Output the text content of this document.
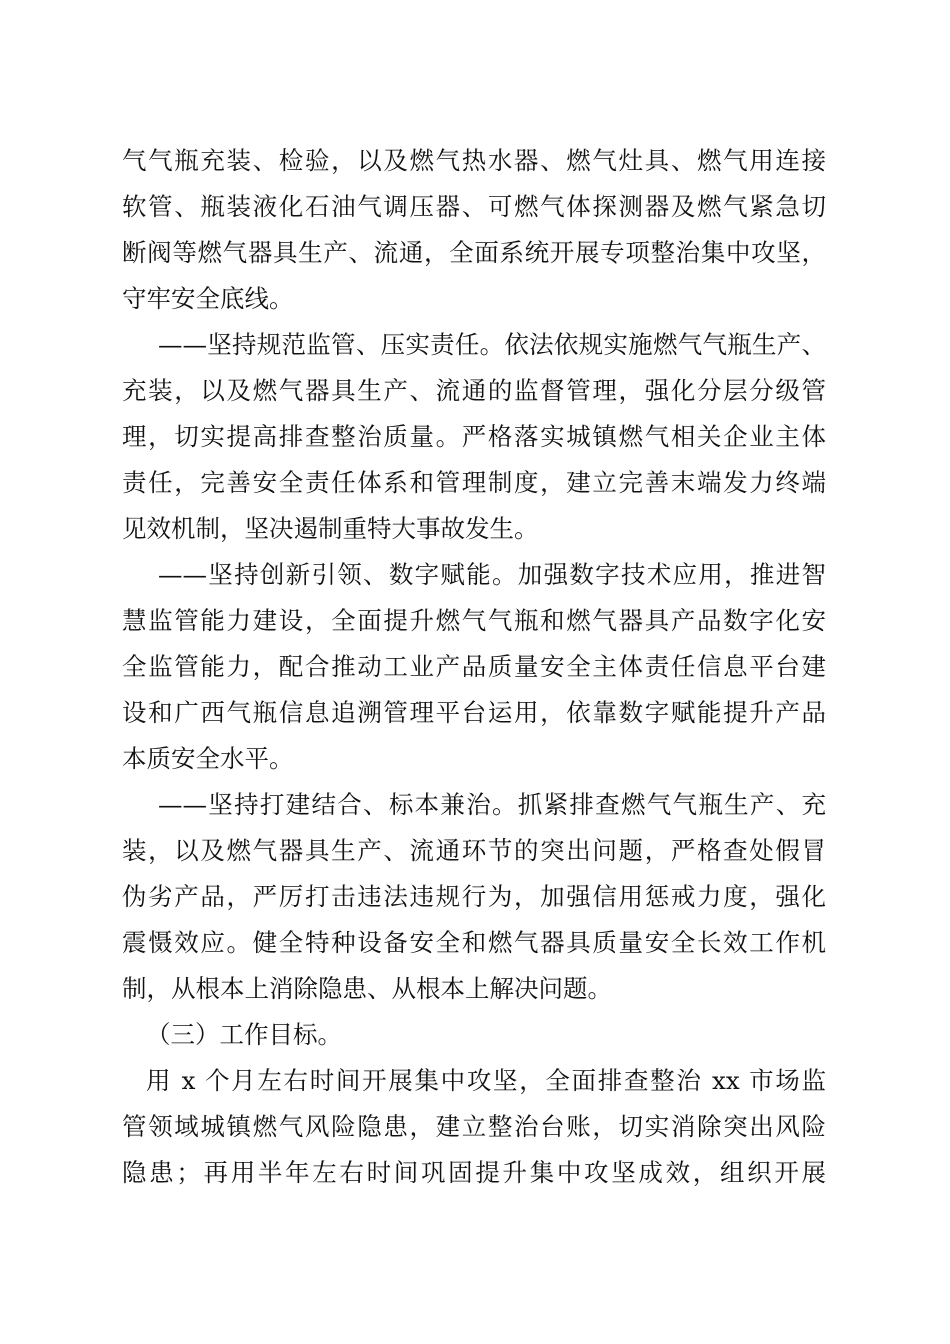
气气瓶充装、检验，以及燃气热水器、燃气灶具、燃气用连接
软管、瓶装液化石油气调压器、可燃气体探测器及燃气紧急切
断阀等燃气器具生产、流通，全面系统开展专项整治集中攻坚，
守牢安全底线。
——坚持规范监管、压实责任。依法依规实施燃气气瓶生产、
充装，以及燃气器具生产、流通的监督管理，强化分层分级管
理，切实提高排查整治质量。严格落实城镇燃气相关企业主体
责任，完善安全责任体系和管理制度，建立完善末端发力终端
见效机制，坚决遏制重特大事故发生。
——坚持创新引领、数字赋能。加强数字技术应用，推进智
慧监管能力建设，全面提升燃气气瓶和燃气器具产品数字化安
全监管能力，配合推动工业产品质量安全主体责任信息平台建
设和广西气瓶信息追溯管理平台运用，依靠数字赋能提升产品
本质安全水平。
——坚持打建结合、标本兼治。抓紧排查燃气气瓶生产、充
装，以及燃气器具生产、流通环节的突出问题，严格查处假冒
伪劣产品，严厉打击违法违规行为，加强信用惩戒力度，强化
震慑效应。健全特种设备安全和燃气器具质量安全长效工作机
制，从根本上消除隐患、从根本上解决问题。
（三）工作目标。
用 x 个月左右时间开展集中攻坚，全面排查整治 xx 市场监
管领域城镇燃气风险隐患，建立整治台账，切实消除突出风险
隐患；再用半年左右时间巩固提升集中攻坚成效，组织开展
